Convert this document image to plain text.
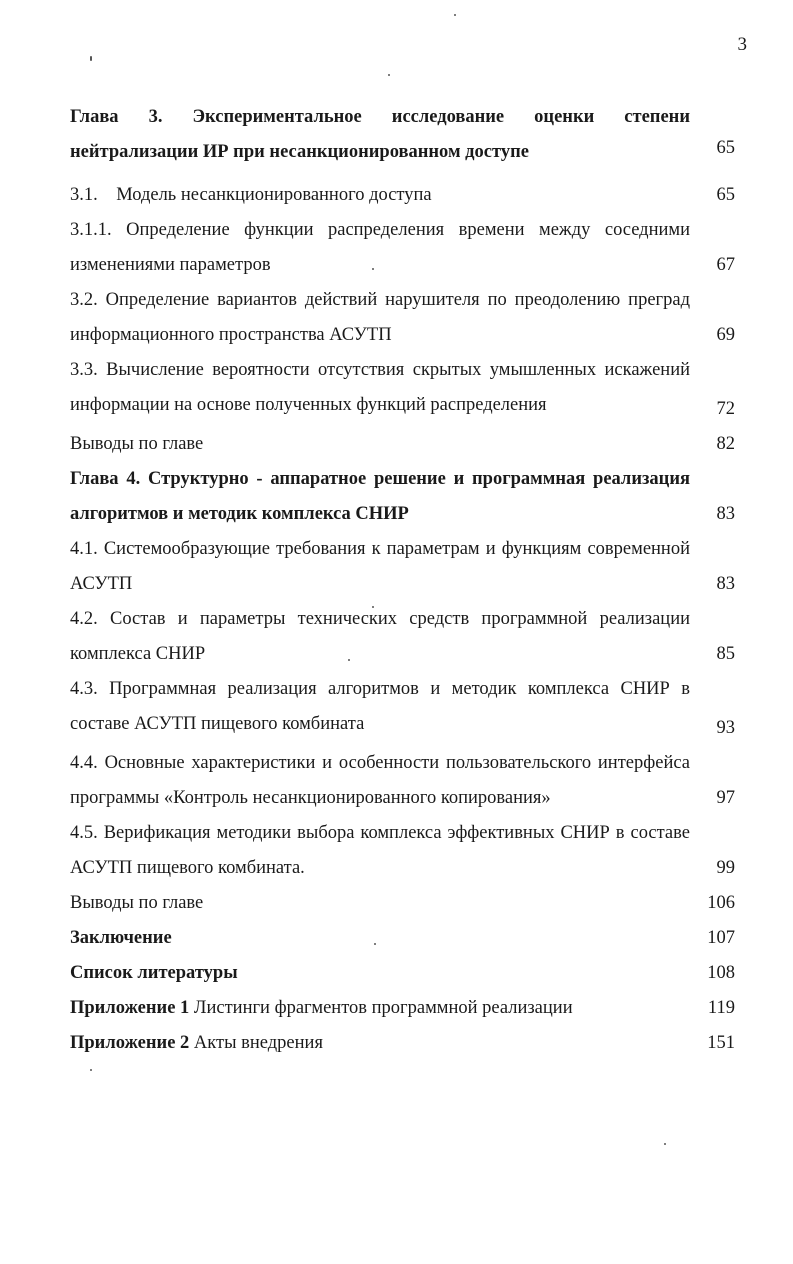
3
Глава 3. Экспериментальное исследование оценки степени нейтрализации ИР при несанкционированном доступе	65
3.1.    Модель несанкционированного доступа	65
3.1.1. Определение функции распределения времени между соседними изменениями параметров	67
3.2. Определение вариантов действий нарушителя по преодолению преград информационного пространства АСУТП	69
3.3. Вычисление вероятности отсутствия скрытых умышленных искажений информации на основе полученных функций распределения	72
Выводы по главе	82
Глава 4. Структурно - аппаратное решение и программная реализация алгоритмов и методик комплекса СНИР	83
4.1. Системообразующие требования к параметрам и функциям современной АСУТП	83
4.2. Состав и параметры технических средств программной реализации комплекса СНИР	85
4.3. Программная реализация алгоритмов и методик комплекса СНИР в составе АСУТП пищевого комбината	93
4.4. Основные характеристики и особенности пользовательского интерфейса программы «Контроль несанкционированного копирования»	97
4.5. Верификация методики выбора комплекса эффективных СНИР в составе АСУТП пищевого комбината.	99
Выводы по главе	106
Заключение	107
Список литературы	108
Приложение 1 Листинги фрагментов программной реализации	119
Приложение 2 Акты внедрения	151
